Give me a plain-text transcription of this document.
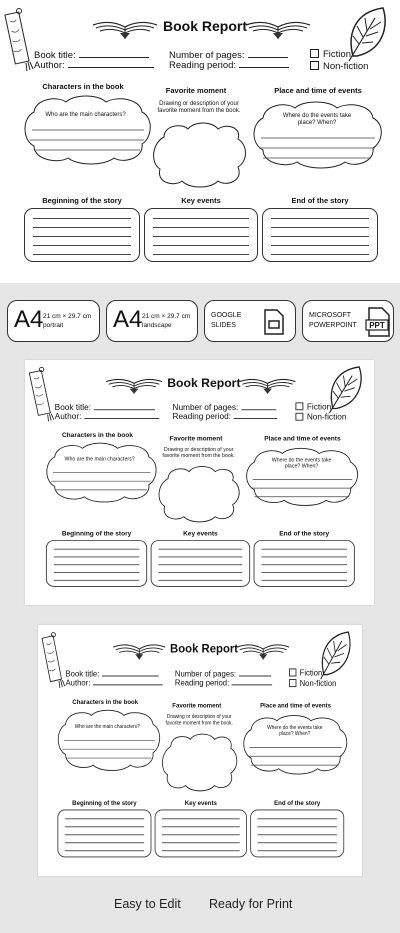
Book Report
Book title:
Author:
Number of pages:
Reading period:
Fiction
Non-fiction
Characters in the book
Who are the main characters?
Favorite moment
Drawing or description of your favorite moment from the book.
Place and time of events
Where do the events take place? When?
Beginning of the story	Key events	End of the story
A4 21 cm × 29.7 cm
portrait A4 21 cm × 29.7 cm
landscape
GOOGLE
SLIDES
MICROSOFT
POWERPOINT PPT
Book Report
Book title:
Author:
Number of pages:
Reading period:
Fiction
Non-fiction
Characters in the book
Who are the main characters?
Favorite moment
Drawing or description of your favorite moment from the book.
Place and time of events
Where do the events take place? When?
Beginning of the story	Key events	End of the story
Book Report
Book title:
Author:
Number of pages:
Reading period:
Fiction
Non-fiction
Characters in the book
Who are the main characters?
Favorite moment
Drawing or description of your favorite moment from the book.
Place and time of events
Where do the events take place? When?
Beginning of the story	Key events	End of the story
Easy to Edit Ready for Print
